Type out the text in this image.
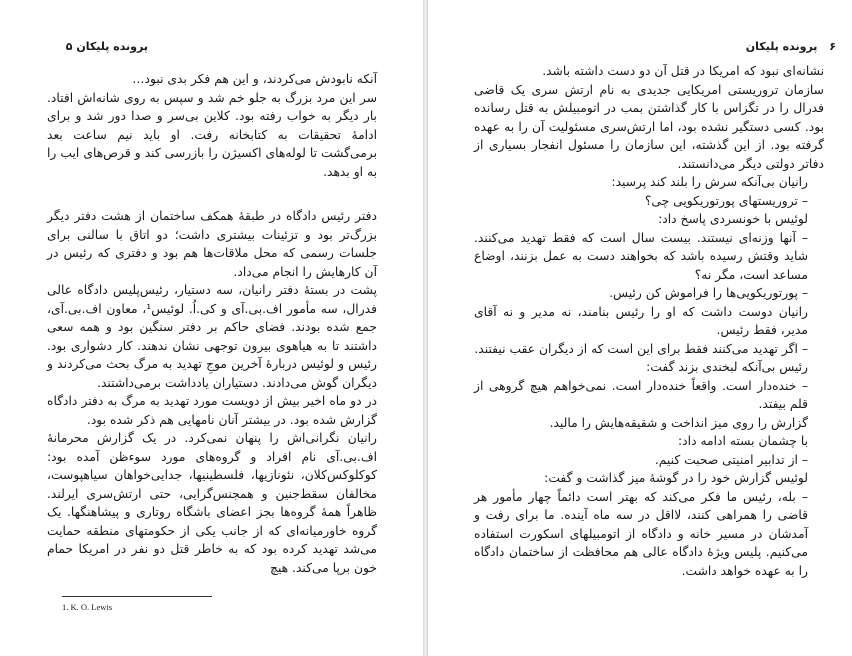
پرونده پلیکان ۵

آنکه نابودش می‌کردند، و این هم فکر بدی نبود…

سر این مرد بزرگ به جلو خم شد و سپس به روی شانه‌اش افتاد. بار دیگر به خواب رفته بود. کلاین بی‌سر و صدا دور شد و برای ادامهٔ تحقیقات به کتابخانه رفت. او باید نیم ساعت بعد برمی‌گشت تا لوله‌های اکسیژن را بازرسی کند و قرص‌های ایب را به او بدهد.

دفتر رئیس دادگاه در طبقهٔ همکف ساختمان از هشت دفتر دیگر بزرگ‌تر بود و تزئینات بیشتری داشت؛ دو اتاق با سالنی برای جلسات رسمی که محل ملاقات‌ها هم بود و دفتری که رئیس در آن کارهایش را انجام می‌داد.

پشت در بستهٔ دفتر رانیان، سه دستیار، رئیس‌پلیس دادگاه عالی فدرال، سه مأمور اف.بی.آی و کی.اُ. لوئیس¹، معاون اف.بی.آی، جمع شده بودند. فضای حاکم بر دفتر سنگین بود و همه سعی داشتند تا به هیاهوی بیرون توجهی نشان ندهند. کار دشواری بود. رئیس و لوئیس دربارهٔ آخرین موجِ تهدید به مرگ بحث می‌کردند و دیگران گوش می‌دادند. دستیاران یادداشت برمی‌داشتند.

در دو ماه اخیر بیش از دویست مورد تهدید به مرگ به دفتر دادگاه گزارش شده بود. در بیشتر آنان نامهایی هم ذکر شده بود.

رانیان نگرانی‌اش را پنهان نمی‌کرد. در یک گزارش محرمانهٔ اف.بی.آی نام افراد و گروه‌های مورد سوءظن آمده بود: کوکلوکس‌کلان، نئونازیها، فلسطینیها، جدایی‌خواهان سیاهپوست، مخالفان سقط‌جنین و همجنس‌گرایی، حتی ارتش‌سری ایرلند. ظاهراً همهٔ گروه‌ها بجز اعضای باشگاه روتاری و پیشاهنگها. یک گروه خاورمیانه‌ای که از جانب یکی از حکومتهای منطقه حمایت می‌شد تهدید کرده بود که به خاطر قتل دو نفر در امریکا حمام خون برپا می‌کند. هیچ

1. K. O. Lewis
۶ پرونده پلیکان

نشانه‌ای نبود که امریکا در قتل آن دو دست داشته باشد.

سازمان تروریستی امریکایی جدیدی به نام ارتش سری یک قاضی فدرال را در تگزاس با کار گذاشتن بمب در اتومبیلش به قتل رسانده بود. کسی دستگیر نشده بود، اما ارتش‌سری مسئولیت آن را به عهده گرفته بود. از این گذشته، این سازمان را مسئول انفجار بسیاری از دفاتر دولتی دیگر می‌دانستند.

رانیان بی‌آنکه سرش را بلند کند پرسید:

– تروریستهای پورتوریکویی چی؟

لوئیس با خونسردی پاسخ داد:

– آنها وزنه‌ای نیستند. بیست سال است که فقط تهدید می‌کنند. شاید وقتش رسیده باشد که بخواهند دست به عمل بزنند، اوضاع مساعد است، مگر نه؟

– پورتوریکویی‌ها را فراموش کن رئیس.

رانیان دوست داشت که او را رئیس بنامند، نه مدیر و نه آقای مدیر، فقط رئیس.

– اگر تهدید می‌کنند فقط برای این است که از دیگران عقب نیفتند.

رئیس بی‌آنکه لبخندی بزند گفت:

– خنده‌دار است. واقعاً خنده‌دار است. نمی‌خواهم هیچ گروهی از قلم بیفتد.

گزارش را روی میز انداخت و شقیقه‌هایش را مالید.

با چشمان بسته ادامه داد:

– از تدابیر امنیتی صحبت کنیم.

لوئیس گزارش خود را در گوشهٔ میز گذاشت و گفت:

– بله، رئیس ما فکر می‌کند که بهتر است دائماً چهار مأمور هر قاضی را همراهی کنند، لااقل در سه ماه آینده. ما برای رفت و آمدشان در مسیر خانه و دادگاه از اتومبیلهای اسکورت استفاده می‌کنیم. پلیس ویژهٔ دادگاه عالی هم محافظت از ساختمان دادگاه را به عهده خواهد داشت.
